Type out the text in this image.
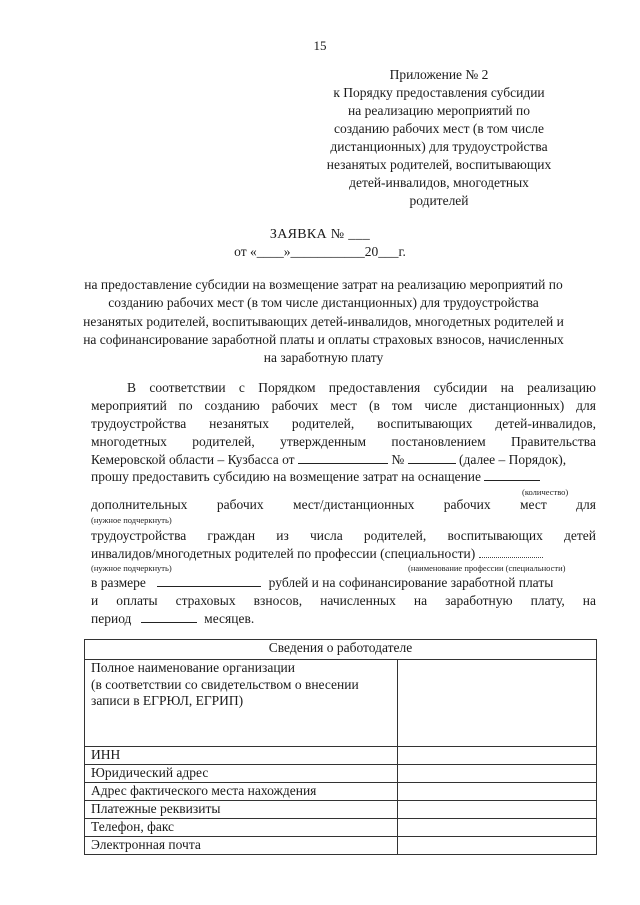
15
Приложение № 2
к Порядку предоставления субсидии
на реализацию мероприятий по
созданию рабочих мест (в том числе
дистанционных) для трудоустройства
незанятых родителей, воспитывающих
детей-инвалидов, многодетных
родителей
ЗАЯВКА № ___
от «____»___________20___г.
на предоставление субсидии на возмещение затрат на реализацию мероприятий по созданию рабочих мест (в том числе дистанционных) для трудоустройства незанятых родителей, воспитывающих детей-инвалидов, многодетных родителей и на софинансирование заработной платы и оплаты страховых взносов, начисленных на заработную плату
В соответствии с Порядком предоставления субсидии на реализацию
мероприятий по созданию рабочих мест (в том числе дистанционных) для
трудоустройства незанятых родителей, воспитывающих детей-инвалидов,
многодетных родителей, утвержденным постановлением Правительства
Кемеровской области – Кузбасса от	№	(далее – Порядок),
прошу предоставить субсидию на возмещение затрат на оснащение
(количество)
дополнительных рабочих мест/дистанционных рабочих мест для
(нужное подчеркнуть)
трудоустройства граждан из числа родителей, воспитывающих детей
инвалидов/многодетных родителей по профессии (специальности)
(нужное подчеркнуть)	(наименование профессии (специальности)
в размере	рублей и на софинансирование заработной платы
и оплаты страховых взносов, начисленных на заработную плату, на
период	месяцев.
Сведения о работодателе	
Полное наименование организации
(в соответствии со свидетельством о внесении записи в ЕГРЮЛ, ЕГРИП)	
ИНН	
Юридический адрес	
Адрес фактического места нахождения	
Платежные реквизиты	
Телефон, факс	
Электронная почта	
